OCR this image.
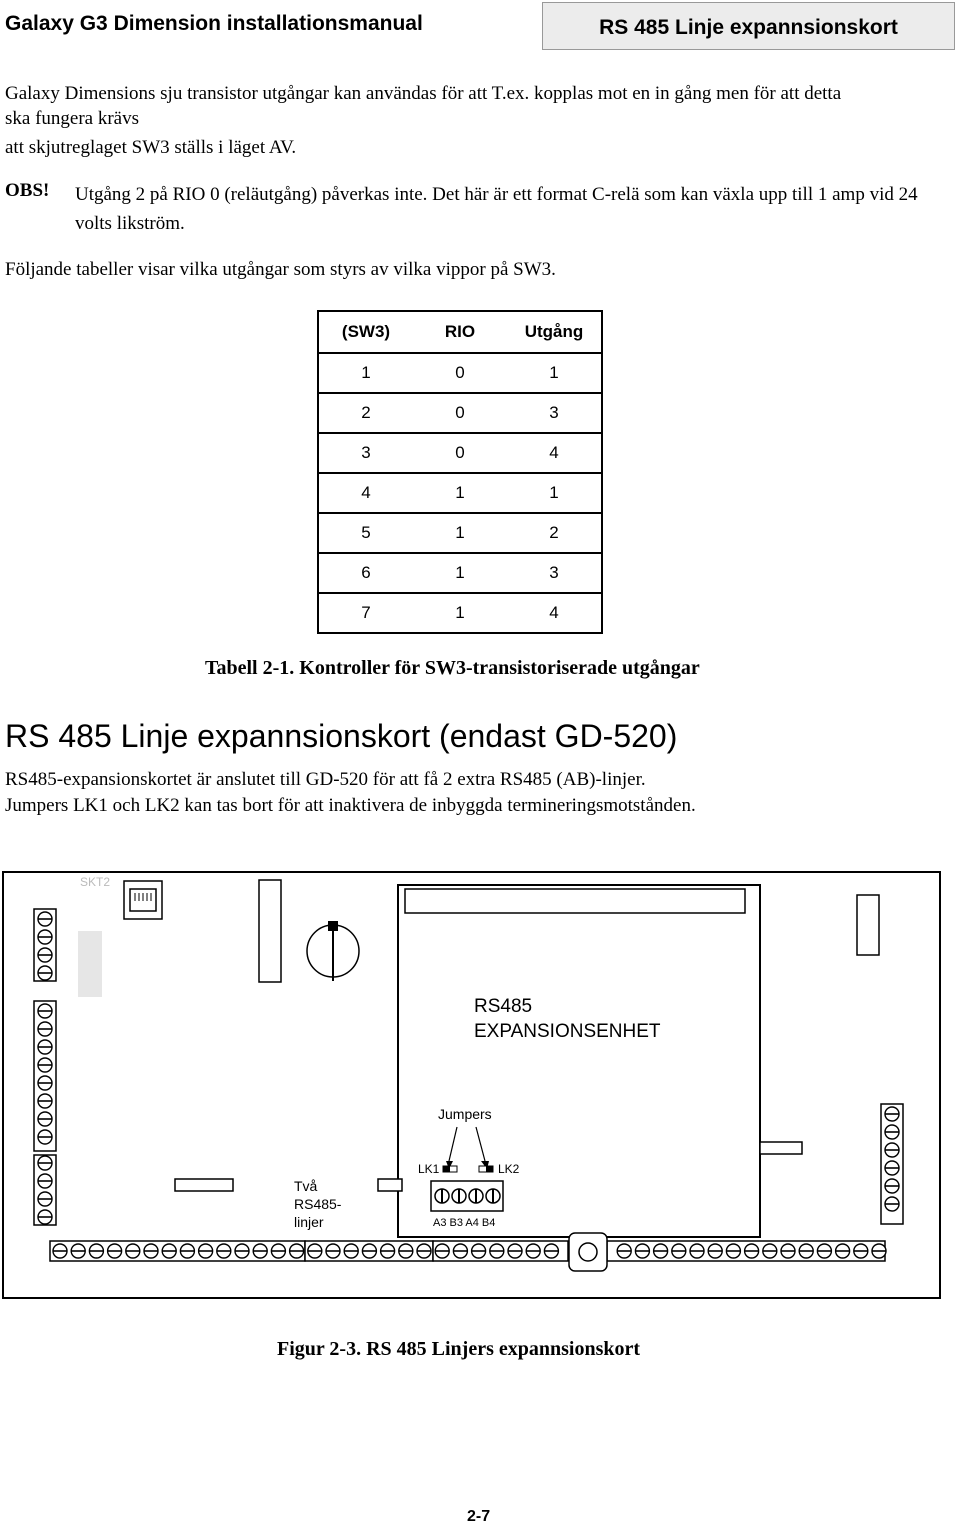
Galaxy G3 Dimension installationsmanual	RS 485 Linje expannsionskort
Galaxy Dimensions sju transistor utgångar kan användas för att T.ex. kopplas mot en in gång men för att detta
ska fungera krävs
att skjutreglaget SW3 ställs i läget AV.
OBS! Utgång 2 på RIO 0 (reläutgång) påverkas inte. Det här är ett format C-relä som kan växla upp till 1 amp vid 24 volts likström.
Följande tabeller visar vilka utgångar som styrs av vilka vippor på SW3.
(SW3)	RIO	Utgång
1	0	1
2	0	3
3	0	4
4	1	1
5	1	2
6	1	3
7	1	4
Tabell 2-1. Kontroller för SW3-transistoriserade utgångar
RS 485 Linje expannsionskort (endast GD-520)
RS485-expansionskortet är anslutet till GD-520 för att få 2 extra RS485 (AB)-linjer.
Jumpers LK1 och LK2 kan tas bort för att inaktivera de inbyggda termineringsmotstånden.
SKT2
RS485
EXPANSIONSENHET
Jumpers
LK1	LK2
A3 B3 A4 B4
Två
RS485-
linjer
Figur 2-3. RS 485 Linjers expannsionskort
2-7
